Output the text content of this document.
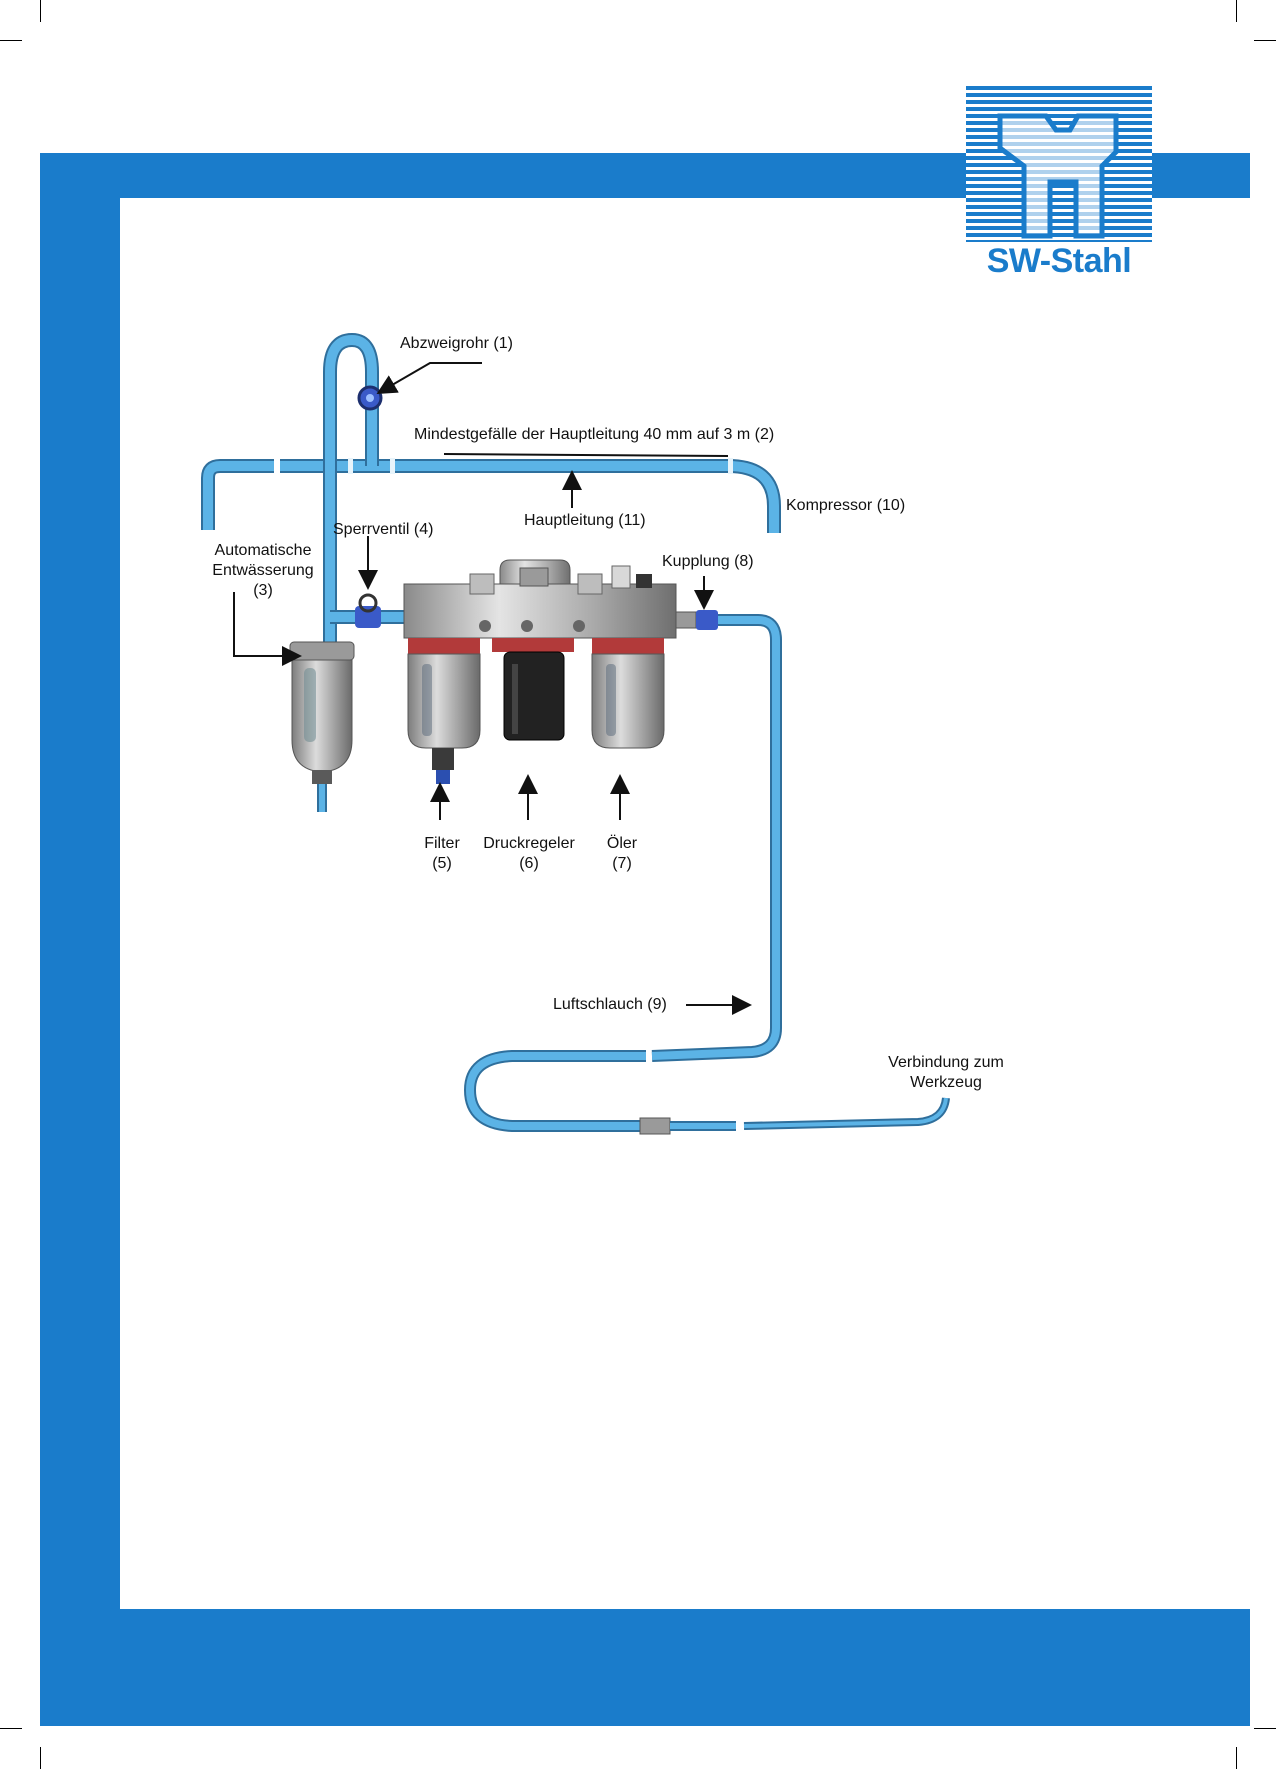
SW-Stahl
Abzweigrohr (1)
Mindestgefälle der Hauptleitung 40 mm auf 3 m (2)
Hauptleitung (11)
Kompressor (10)
Sperrventil (4)
Automatische
Entwässerung
(3)
Kupplung (8)
Filter
(5)
Druckregeler
(6)
Öler
(7)
Luftschlauch (9)
Verbindung zum
Werkzeug
